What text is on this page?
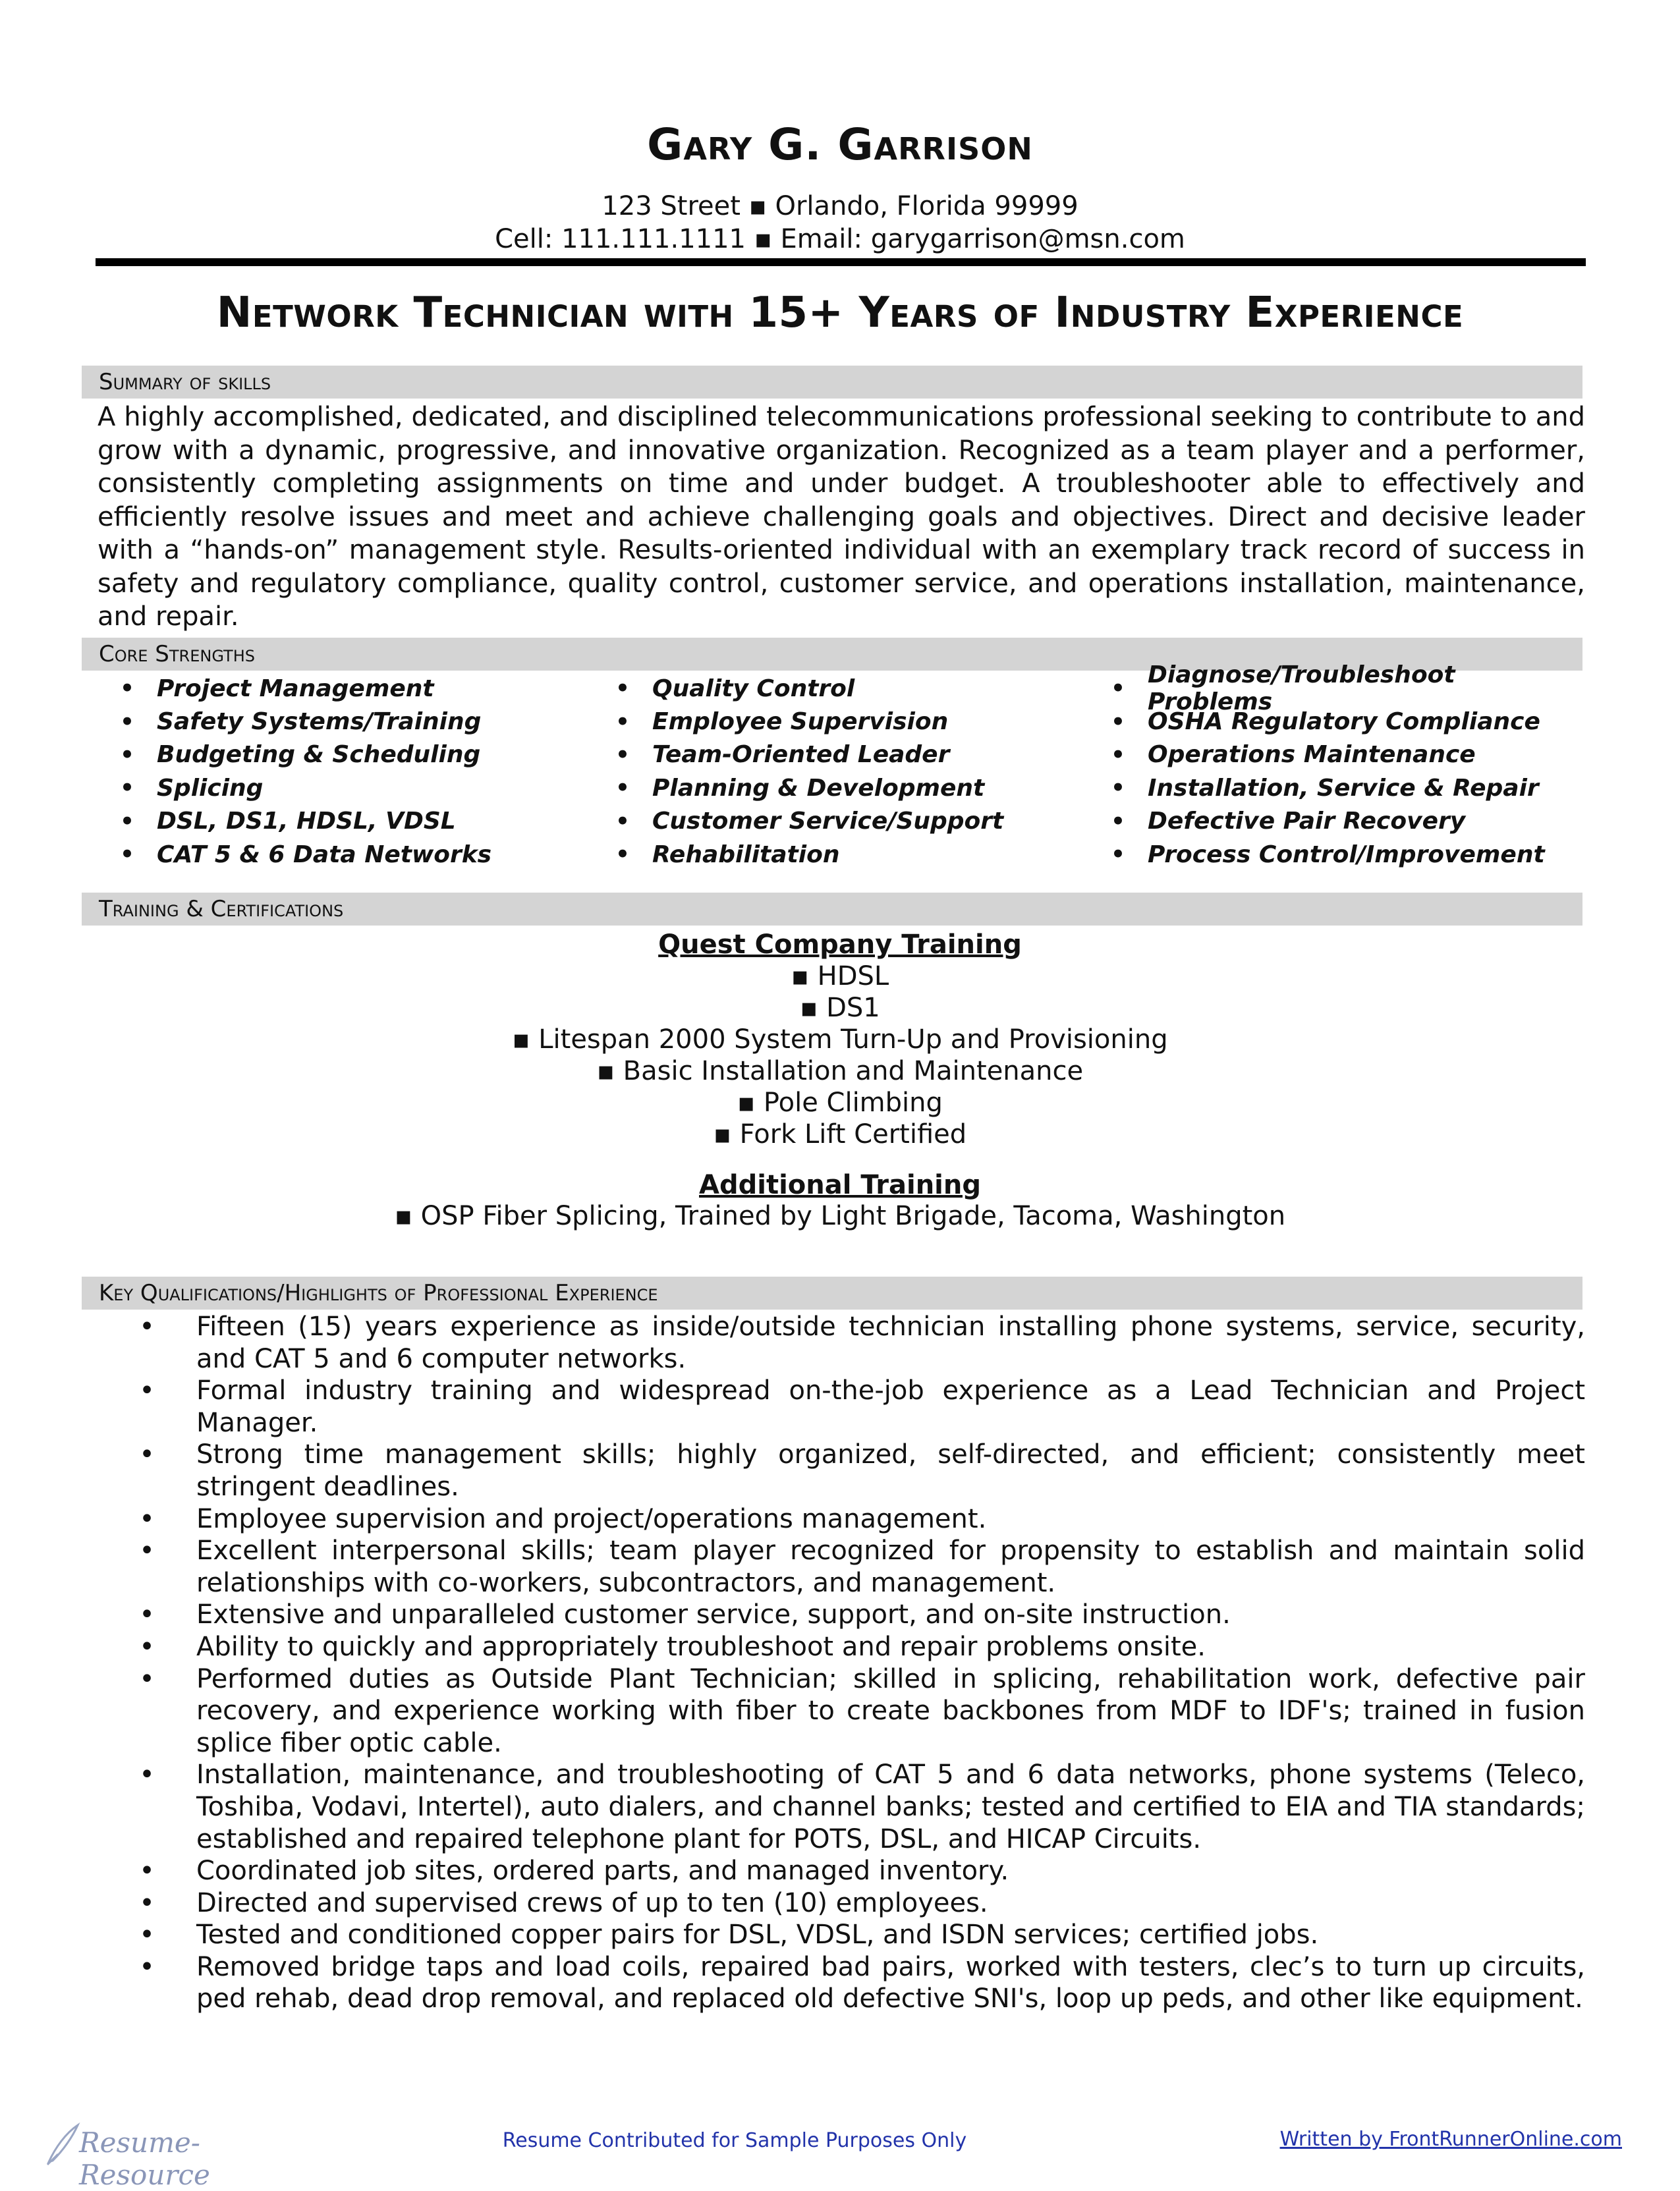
Gary G. Garrison
123 Street ▪ Orlando, Florida 99999
Cell: 111.111.1111 ▪ Email: garygarrison@msn.com
Network Technician with 15+ Years of Industry Experience
Summary of skills
A highly accomplished, dedicated, and disciplined telecommunications professional seeking to contribute to and grow with a dynamic, progressive, and innovative organization. Recognized as a team player and a performer, consistently completing assignments on time and under budget. A troubleshooter able to effectively and efficiently resolve issues and meet and achieve challenging goals and objectives. Direct and decisive leader with a “hands-on” management style. Results-oriented individual with an exemplary track record of success in safety and regulatory compliance, quality control, customer service, and operations installation, maintenance, and repair.
Core Strengths
• Project Management
• Safety Systems/Training
• Budgeting & Scheduling
• Splicing
• DSL, DS1, HDSL, VDSL
• CAT 5 & 6 Data Networks
• Quality Control
• Employee Supervision
• Team-Oriented Leader
• Planning & Development
• Customer Service/Support
• Rehabilitation
• Diagnose/Troubleshoot Problems
• OSHA Regulatory Compliance
• Operations Maintenance
• Installation, Service & Repair
• Defective Pair Recovery
• Process Control/Improvement
Training & Certifications
Quest Company Training
▪ HDSL
▪ DS1
▪ Litespan 2000 System Turn-Up and Provisioning
▪ Basic Installation and Maintenance
▪ Pole Climbing
▪ Fork Lift Certified
Additional Training
▪ OSP Fiber Splicing, Trained by Light Brigade, Tacoma, Washington
Key Qualifications/Highlights of Professional Experience
•	Fifteen (15) years experience as inside/outside technician installing phone systems, service, security, and CAT 5 and 6 computer networks.
•	Formal industry training and widespread on-the-job experience as a Lead Technician and Project Manager.
•	Strong time management skills; highly organized, self-directed, and efficient; consistently meet stringent deadlines.
•	Employee supervision and project/operations management.
•	Excellent interpersonal skills; team player recognized for propensity to establish and maintain solid relationships with co-workers, subcontractors, and management.
•	Extensive and unparalleled customer service, support, and on-site instruction.
•	Ability to quickly and appropriately troubleshoot and repair problems onsite.
•	Performed duties as Outside Plant Technician; skilled in splicing, rehabilitation work, defective pair recovery, and experience working with fiber to create backbones from MDF to IDF's; trained in fusion splice fiber optic cable.
•	Installation, maintenance, and troubleshooting of CAT 5 and 6 data networks, phone systems (Teleco, Toshiba, Vodavi, Intertel), auto dialers, and channel banks; tested and certified to EIA and TIA standards; established and repaired telephone plant for POTS, DSL, and HICAP Circuits.
•	Coordinated job sites, ordered parts, and managed inventory.
•	Directed and supervised crews of up to ten (10) employees.
•	Tested and conditioned copper pairs for DSL, VDSL, and ISDN services; certified jobs.
•	Removed bridge taps and load coils, repaired bad pairs, worked with testers, clec’s to turn up circuits, ped rehab, dead drop removal, and replaced old defective SNI's, loop up peds, and other like equipment.
Resume-Resource
Resume Contributed for Sample Purposes Only	Written by FrontRunnerOnline.com
